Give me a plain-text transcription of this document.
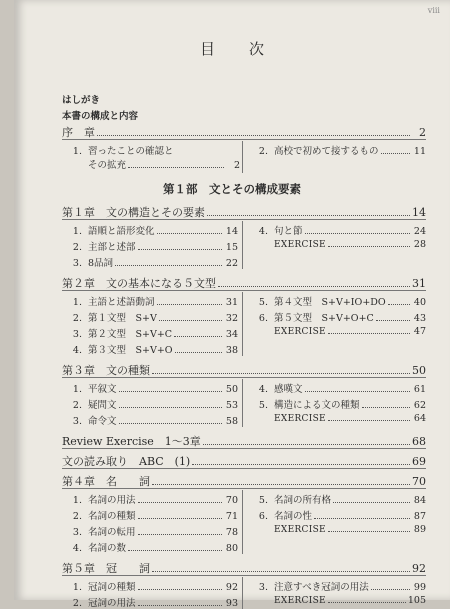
viii
目次
はしがき
本書の構成と内容
序　章	2
1. 習ったことの確認と
その拡充	2
2. 高校で初めて接するもの	11
第１部　文とその構成要素
第１章　文の構造とその要素	14
1. 語順と語形変化	14
2. 主部と述部	15
3. 8品詞	22
4. 句と節	24
EXERCISE	28
第２章　文の基本になる５文型	31
1. 主語と述語動詞	31
2. 第１文型　S+V	32
3. 第２文型　S+V+C	34
4. 第３文型　S+V+O	38
5. 第４文型　S+V+IO+DO	40
6. 第５文型　S+V+O+C	43
EXERCISE	47
第３章　文の種類	50
1. 平叙文	50
2. 疑問文	53
3. 命令文	58
4. 感嘆文	61
5. 構造による文の種類	62
EXERCISE	64
Review Exercise　1～3章	68
文の読み取り　ABC　(1)	69
第４章　名　　詞	70
1. 名詞の用法	70
2. 名詞の種類	71
3. 名詞の転用	78
4. 名詞の数	80
5. 名詞の所有格	84
6. 名詞の性	87
EXERCISE	89
第５章　冠　　詞	92
1. 冠詞の種類	92
2. 冠詞の用法	93
3. 注意すべき冠詞の用法	99
EXERCISE	105
